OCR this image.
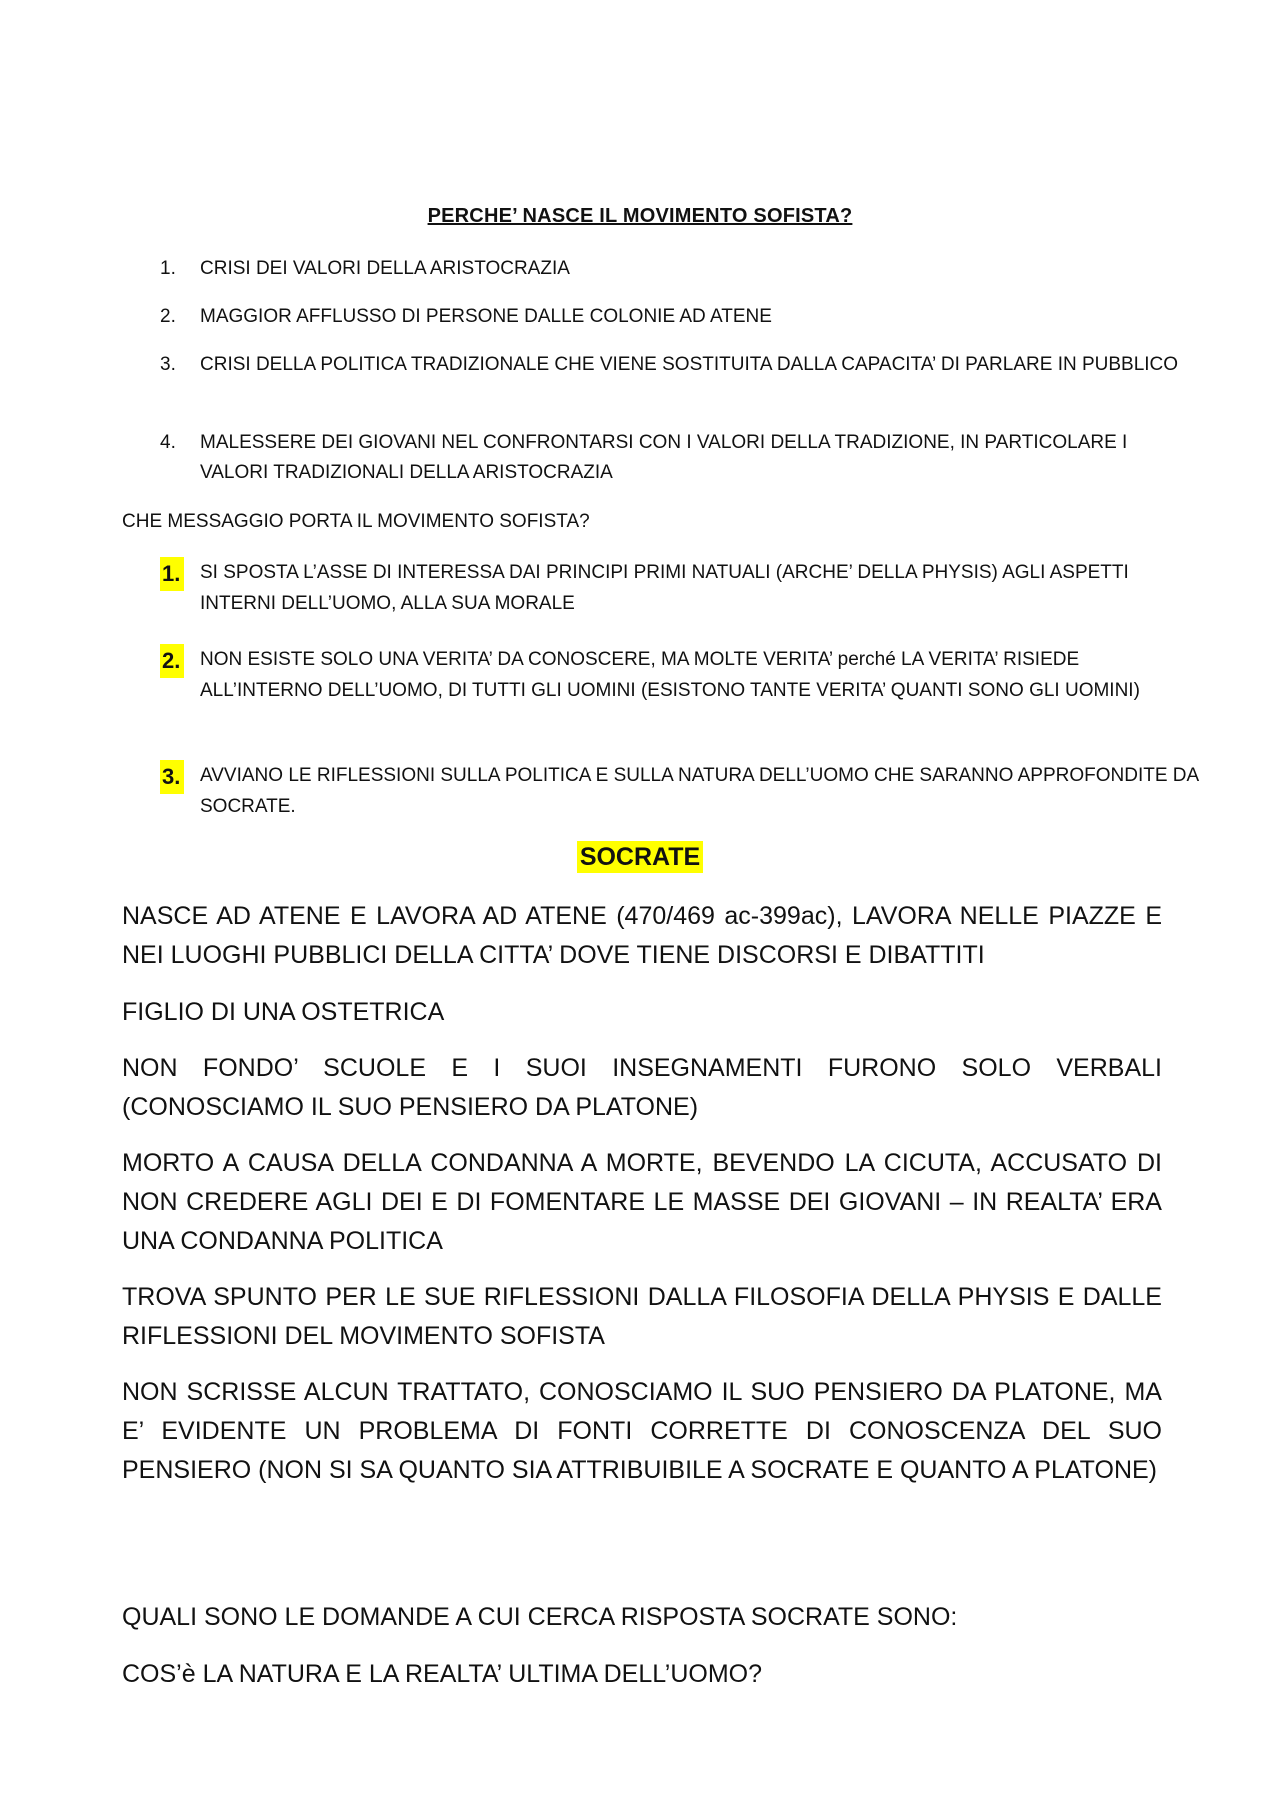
PERCHE’ NASCE IL MOVIMENTO SOFISTA?
1.	CRISI DEI VALORI DELLA ARISTOCRAZIA
2.	MAGGIOR AFFLUSSO DI PERSONE DALLE COLONIE AD ATENE
3.	CRISI DELLA POLITICA TRADIZIONALE CHE VIENE SOSTITUITA DALLA CAPACITA’ DI PARLARE IN PUBBLICO
4.	MALESSERE DEI GIOVANI NEL CONFRONTARSI CON I VALORI DELLA TRADIZIONE, IN PARTICOLARE I VALORI TRADIZIONALI DELLA ARISTOCRAZIA
CHE MESSAGGIO PORTA IL MOVIMENTO SOFISTA?
1. SI SPOSTA L’ASSE DI INTERESSA DAI PRINCIPI PRIMI NATUALI (ARCHE’ DELLA PHYSIS) AGLI ASPETTI INTERNI DELL’UOMO, ALLA SUA MORALE
2. NON ESISTE SOLO UNA VERITA’ DA CONOSCERE, MA MOLTE VERITA’ perché LA VERITA’ RISIEDE ALL’INTERNO DELL’UOMO, DI TUTTI GLI UOMINI (ESISTONO TANTE VERITA’ QUANTI SONO GLI UOMINI)
3. AVVIANO LE RIFLESSIONI SULLA POLITICA E SULLA NATURA DELL’UOMO CHE SARANNO APPROFONDITE DA SOCRATE.
SOCRATE
NASCE AD ATENE E LAVORA AD ATENE (470/469 ac-399ac), LAVORA NELLE PIAZZE E NEI LUOGHI PUBBLICI DELLA CITTA’ DOVE TIENE DISCORSI E DIBATTITI
FIGLIO DI UNA OSTETRICA
NON FONDO’ SCUOLE E I SUOI INSEGNAMENTI FURONO SOLO VERBALI (CONOSCIAMO IL SUO PENSIERO DA PLATONE)
MORTO A CAUSA DELLA CONDANNA A MORTE, BEVENDO LA CICUTA, ACCUSATO DI NON CREDERE AGLI DEI E DI FOMENTARE LE MASSE DEI GIOVANI – IN REALTA’ ERA UNA CONDANNA POLITICA
TROVA SPUNTO PER LE SUE RIFLESSIONI DALLA FILOSOFIA DELLA PHYSIS E DALLE RIFLESSIONI DEL MOVIMENTO SOFISTA
NON SCRISSE ALCUN TRATTATO, CONOSCIAMO IL SUO PENSIERO DA PLATONE, MA E’ EVIDENTE UN PROBLEMA DI FONTI CORRETTE DI CONOSCENZA DEL SUO PENSIERO (NON SI SA QUANTO SIA ATTRIBUIBILE A SOCRATE E QUANTO A PLATONE)
QUALI SONO LE DOMANDE A CUI CERCA RISPOSTA SOCRATE SONO:
COS’è LA NATURA E LA REALTA’ ULTIMA DELL’UOMO?
